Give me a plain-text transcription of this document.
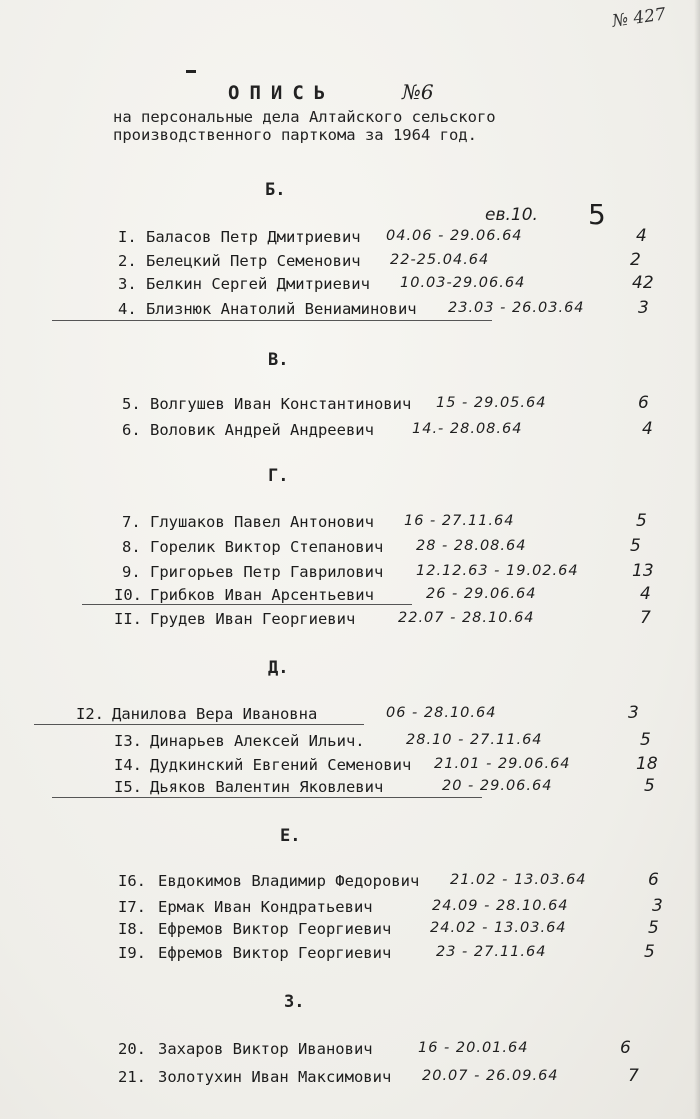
№ 427
ОПИСЬ	№6
на персональные дела Алтайского сельского
производственного парткома за 1964 год.
ев.10. 5
Б.
I. Баласов Петр Дмитриевич 04.06 - 29.06.64	4
2. Белецкий Петр Семенович 22-25.04.64	2
3. Белкин Сергей Дмитриевич 10.03-29.06.64	42
4. Близнюк Анатолий Вениаминович 23.03 - 26.03.64	3
В.
5. Волгушев Иван Константинович 15 - 29.05.64	6
6. Воловик Андрей Андреевич	14.- 28.08.64	4
Г.
7. Глушаков Павел Антонович 16 - 27.11.64	5
8. Горелик Виктор Степанович 28 - 28.08.64	5
9. Григорьев Петр Гаврилович 12.12.63 - 19.02.64	13
I0. Грибков Иван Арсентьевич	26 - 29.06.64	4
II. Грудев Иван Георгиевич	22.07 - 28.10.64	7
Д.
I2. Данилова Вера Ивановна	06 - 28.10.64	3
I3. Динарьев Алексей Ильич.	28.10 - 27.11.64	5
I4. Дудкинский Евгений Семенович 21.01 - 29.06.64	18
I5. Дьяков Валентин Яковлевич	20 - 29.06.64	5
Е.
I6. Евдокимов Владимир Федорович 21.02 - 13.03.64	6
I7. Ермак Иван Кондратьевич	24.09 - 28.10.64	3
I8. Ефремов Виктор Георгиевич	24.02 - 13.03.64	5
I9. Ефремов Виктор Георгиевич	23 - 27.11.64	5
З.
20. Захаров Виктор Иванович	16 - 20.01.64	6
21. Золотухин Иван Максимович 20.07 - 26.09.64	7
